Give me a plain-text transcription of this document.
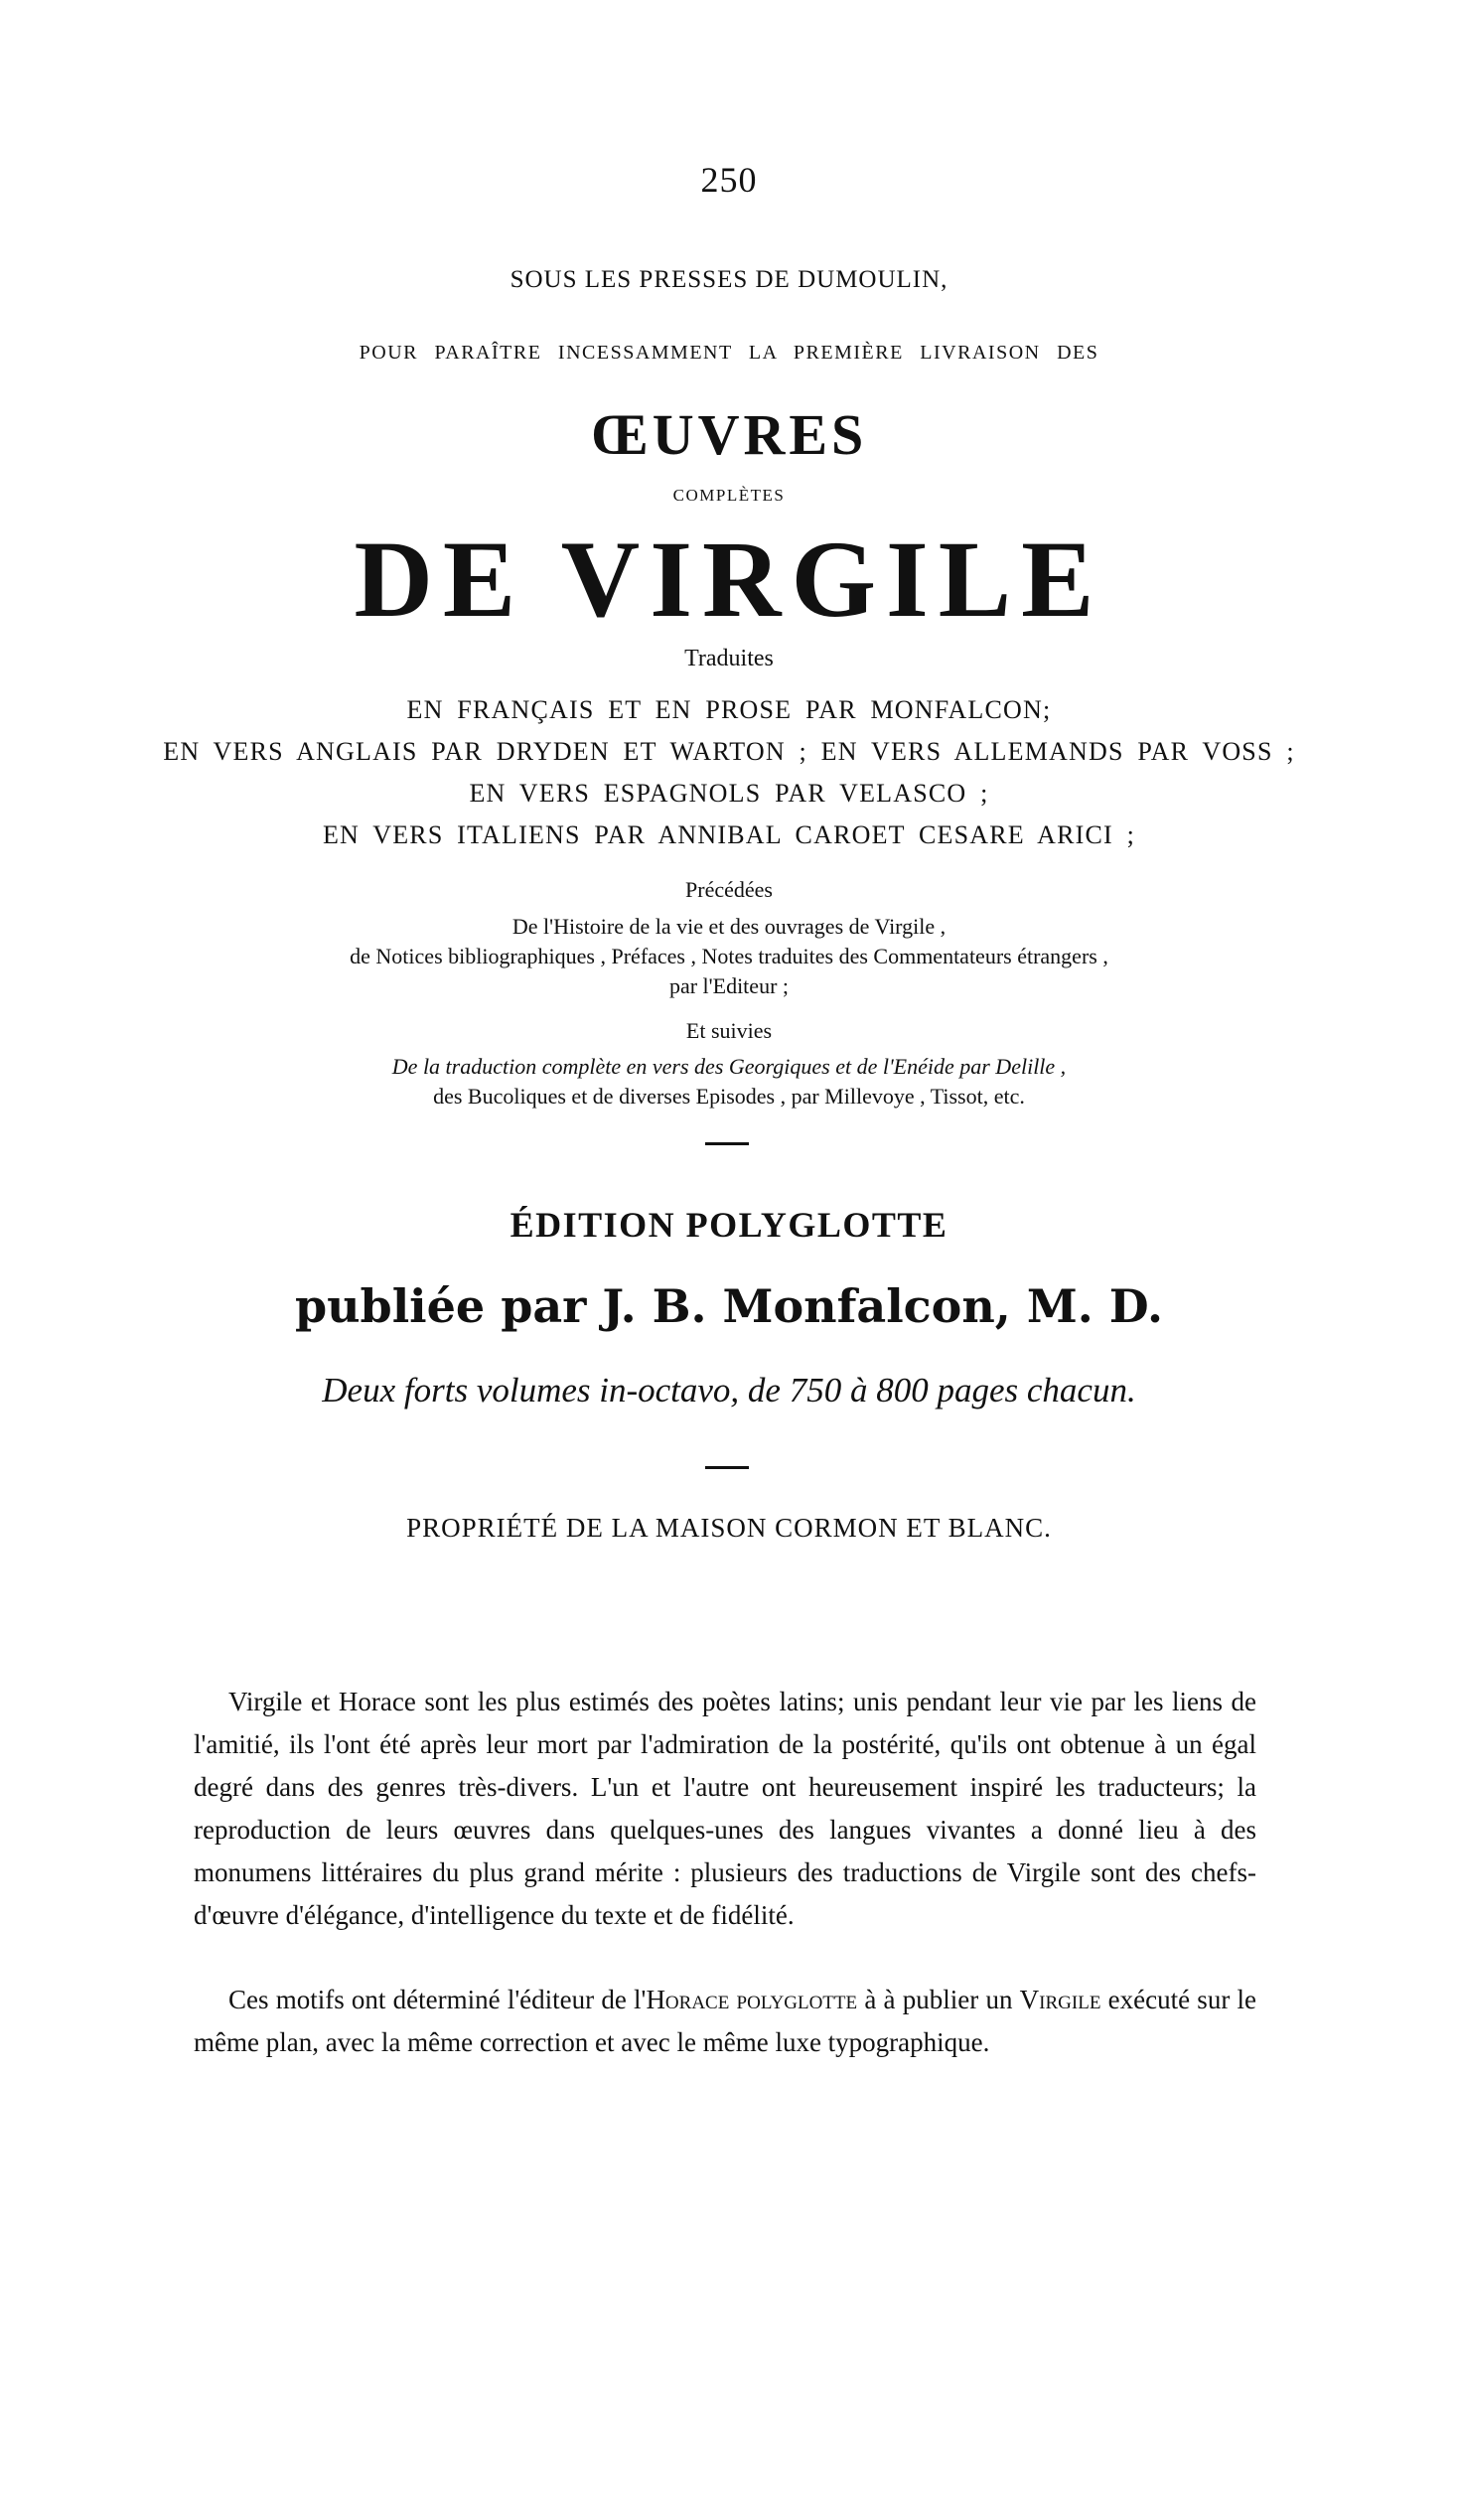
250
SOUS LES PRESSES DE DUMOULIN,
POUR PARAÎTRE INCESSAMMENT LA PREMIÈRE LIVRAISON DES
ŒUVRES
COMPLÈTES
DE VIRGILE
Traduites
EN FRANÇAIS ET EN PROSE PAR MONFALCON;
EN VERS ANGLAIS PAR DRYDEN ET WARTON ; EN VERS ALLEMANDS PAR VOSS ;
EN VERS ESPAGNOLS PAR VELASCO ;
EN VERS ITALIENS PAR ANNIBAL CAROET CESARE ARICI ;
Précédées
De l'Histoire de la vie et des ouvrages de Virgile ,
de Notices bibliographiques , Préfaces , Notes traduites des Commentateurs étrangers ,
par l'Editeur ;
Et suivies
De la traduction complète en vers des Georgiques et de l'Enéide par Delille ,
des Bucoliques et de diverses Episodes , par Millevoye , Tissot, etc.
ÉDITION POLYGLOTTE
publiée par J. B. Monfalcon, M. D.
Deux forts volumes in-octavo, de 750 à 800 pages chacun.
PROPRIÉTÉ DE LA MAISON CORMON ET BLANC.

Virgile et Horace sont les plus estimés des poètes latins; unis pendant leur vie par les liens de l'amitié, ils l'ont été après leur mort par l'admiration de la postérité, qu'ils ont obtenue à un égal degré dans des genres très-divers. L'un et l'autre ont heureusement inspiré les traducteurs; la reproduction de leurs œuvres dans quelques-unes des langues vivantes a donné lieu à des monumens littéraires du plus grand mérite : plusieurs des traductions de Virgile sont des chefs-d'œuvre d'élégance, d'intelligence du texte et de fidélité.

Ces motifs ont déterminé l'éditeur de l'Horace polyglotte à à publier un Virgile exécuté sur le même plan, avec la même correction et avec le même luxe typographique.
